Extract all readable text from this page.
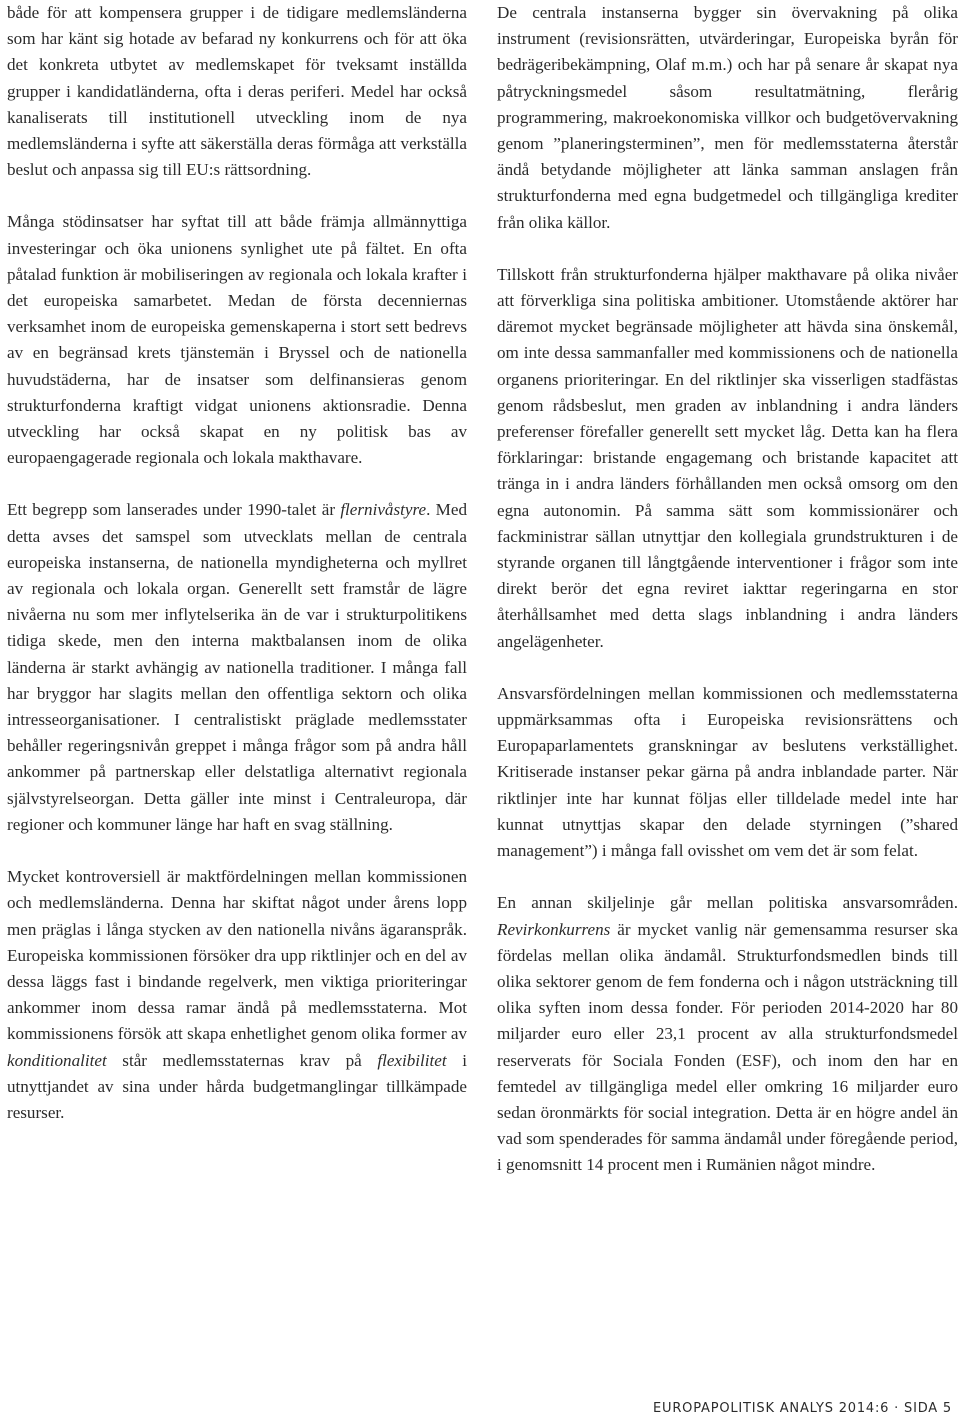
både för att kompensera grupper i de tidigare medlemsländerna som har känt sig hotade av befarad ny konkurrens och för att öka det konkreta utbytet av medlemskapet för tveksamt inställda grupper i kandidatländerna, ofta i deras periferi. Medel har också kanaliserats till institutionell utveckling inom de nya medlemsländerna i syfte att säkerställa deras förmåga att verkställa beslut och anpassa sig till EU:s rättsordning.

Många stödinsatser har syftat till att både främja allmännyttiga investeringar och öka unionens synlighet ute på fältet. En ofta påtalad funktion är mobiliseringen av regionala och lokala krafter i det europeiska samarbetet. Medan de första decenniernas verksamhet inom de europeiska gemenskaperna i stort sett bedrevs av en begränsad krets tjänstemän i Bryssel och de nationella huvudstäderna, har de insatser som delfinansieras genom strukturfonderna kraftigt vidgat unionens aktionsradie. Denna utveckling har också skapat en ny politisk bas av europaengagerade regionala och lokala makthavare.

Ett begrepp som lanserades under 1990-talet är flernivåstyre. Med detta avses det samspel som utvecklats mellan de centrala europeiska instanserna, de nationella myndigheterna och myllret av regionala och lokala organ. Generellt sett framstår de lägre nivåerna nu som mer inflytelserika än de var i strukturpolitikens tidiga skede, men den interna maktbalansen inom de olika länderna är starkt avhängig av nationella traditioner. I många fall har bryggor har slagits mellan den offentliga sektorn och olika intresseorganisationer. I centralistiskt präglade medlemsstater behåller regeringsnivån greppet i många frågor som på andra håll ankommer på partnerskap eller delstatliga alternativt regionala självstyrelseorgan. Detta gäller inte minst i Centraleuropa, där regioner och kommuner länge har haft en svag ställning.

Mycket kontroversiell är maktfördelningen mellan kommissionen och medlemsländerna. Denna har skiftat något under årens lopp men präglas i långa stycken av den nationella nivåns ägaranspråk. Europeiska kommissionen försöker dra upp riktlinjer och en del av dessa läggs fast i bindande regelverk, men viktiga prioriteringar ankommer inom dessa ramar ändå på medlemsstaterna. Mot kommissionens försök att skapa enhetlighet genom olika former av konditionalitet står medlemsstaternas krav på flexibilitet i utnyttjandet av sina under hårda budgetmanglingar tillkämpade resurser.

De centrala instanserna bygger sin övervakning på olika instrument (revisionsrätten, utvärderingar, Europeiska byrån för bedrägeribekämpning, Olaf m.m.) och har på senare år skapat nya påtryckningsmedel såsom resultatmätning, flerårig programmering, makroekonomiska villkor och budgetövervakning genom ”planeringsterminen”, men för medlemsstaterna återstår ändå betydande möjligheter att länka samman anslagen från strukturfonderna med egna budgetmedel och tillgängliga krediter från olika källor.

Tillskott från strukturfonderna hjälper makthavare på olika nivåer att förverkliga sina politiska ambitioner. Utomstående aktörer har däremot mycket begränsade möjligheter att hävda sina önskemål, om inte dessa sammanfaller med kommissionens och de nationella organens prioriteringar. En del riktlinjer ska visserligen stadfästas genom rådsbeslut, men graden av inblandning i andra länders preferenser förefaller generellt sett mycket låg. Detta kan ha flera förklaringar: bristande engagemang och bristande kapacitet att tränga in i andra länders förhållanden men också omsorg om den egna autonomin. På samma sätt som kommissionärer och fackministrar sällan utnyttjar den kollegiala grundstrukturen i de styrande organen till långtgående interventioner i frågor som inte direkt berör det egna reviret iakttar regeringarna en stor återhållsamhet med detta slags inblandning i andra länders angelägenheter.

Ansvarsfördelningen mellan kommissionen och medlemsstaterna uppmärksammas ofta i Europeiska revisionsrättens och Europaparlamentets granskningar av beslutens verkställighet. Kritiserade instanser pekar gärna på andra inblandade parter. När riktlinjer inte har kunnat följas eller tilldelade medel inte har kunnat utnyttjas skapar den delade styrningen (”shared management”) i många fall ovisshet om vem det är som felat.

En annan skiljelinje går mellan politiska ansvarsområden. Revirkonkurrens är mycket vanlig när gemensamma resurser ska fördelas mellan olika ändamål. Strukturfondsmedlen binds till olika sektorer genom de fem fonderna och i någon utsträckning till olika syften inom dessa fonder. För perioden 2014-2020 har 80 miljarder euro eller 23,1 procent av alla strukturfondsmedel reserverats för Sociala Fonden (ESF), och inom den har en femtedel av tillgängliga medel eller omkring 16 miljarder euro sedan öronmärkts för social integration. Detta är en högre andel än vad som spenderades för samma ändamål under föregående period, i genomsnitt 14 procent men i Rumänien något mindre.

EUROPAPOLITISK ANALYS 2014:6 · SIDA 5
